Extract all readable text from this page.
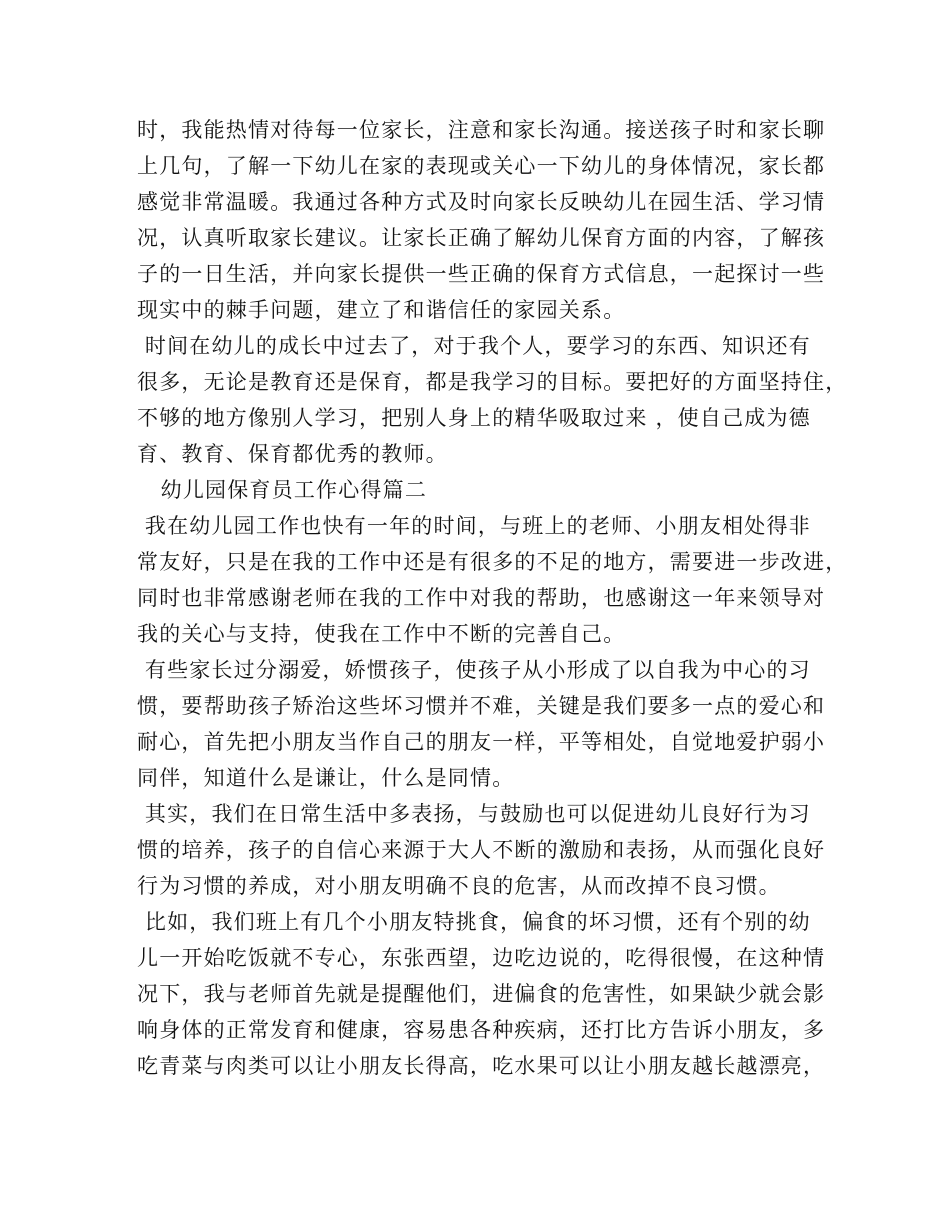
时，我能热情对待每一位家长，注意和家长沟通。接送孩子时和家长聊
上几句，了解一下幼儿在家的表现或关心一下幼儿的身体情况，家长都
感觉非常温暖。我通过各种方式及时向家长反映幼儿在园生活、学习情
况，认真听取家长建议。让家长正确了解幼儿保育方面的内容，了解孩
子的一日生活，并向家长提供一些正确的保育方式信息，一起探讨一些
现实中的棘手问题，建立了和谐信任的家园关系。
时间在幼儿的成长中过去了，对于我个人，要学习的东西、知识还有
很多，无论是教育还是保育，都是我学习的目标。要把好的方面坚持住，
不够的地方像别人学习，把别人身上的精华吸取过来 ，使自己成为德
育、教育、保育都优秀的教师。
幼儿园保育员工作心得篇二
我在幼儿园工作也快有一年的时间，与班上的老师、小朋友相处得非
常友好，只是在我的工作中还是有很多的不足的地方，需要进一步改进，
同时也非常感谢老师在我的工作中对我的帮助，也感谢这一年来领导对
我的关心与支持，使我在工作中不断的完善自己。
有些家长过分溺爱，娇惯孩子，使孩子从小形成了以自我为中心的习
惯，要帮助孩子矫治这些坏习惯并不难，关键是我们要多一点的爱心和
耐心，首先把小朋友当作自己的朋友一样，平等相处，自觉地爱护弱小
同伴，知道什么是谦让，什么是同情。
其实，我们在日常生活中多表扬，与鼓励也可以促进幼儿良好行为习
惯的培养，孩子的自信心来源于大人不断的激励和表扬，从而强化良好
行为习惯的养成，对小朋友明确不良的危害，从而改掉不良习惯。
比如，我们班上有几个小朋友特挑食，偏食的坏习惯，还有个别的幼
儿一开始吃饭就不专心，东张西望，边吃边说的，吃得很慢，在这种情
况下，我与老师首先就是提醒他们，进偏食的危害性，如果缺少就会影
响身体的正常发育和健康，容易患各种疾病，还打比方告诉小朋友，多
吃青菜与肉类可以让小朋友长得高，吃水果可以让小朋友越长越漂亮，
